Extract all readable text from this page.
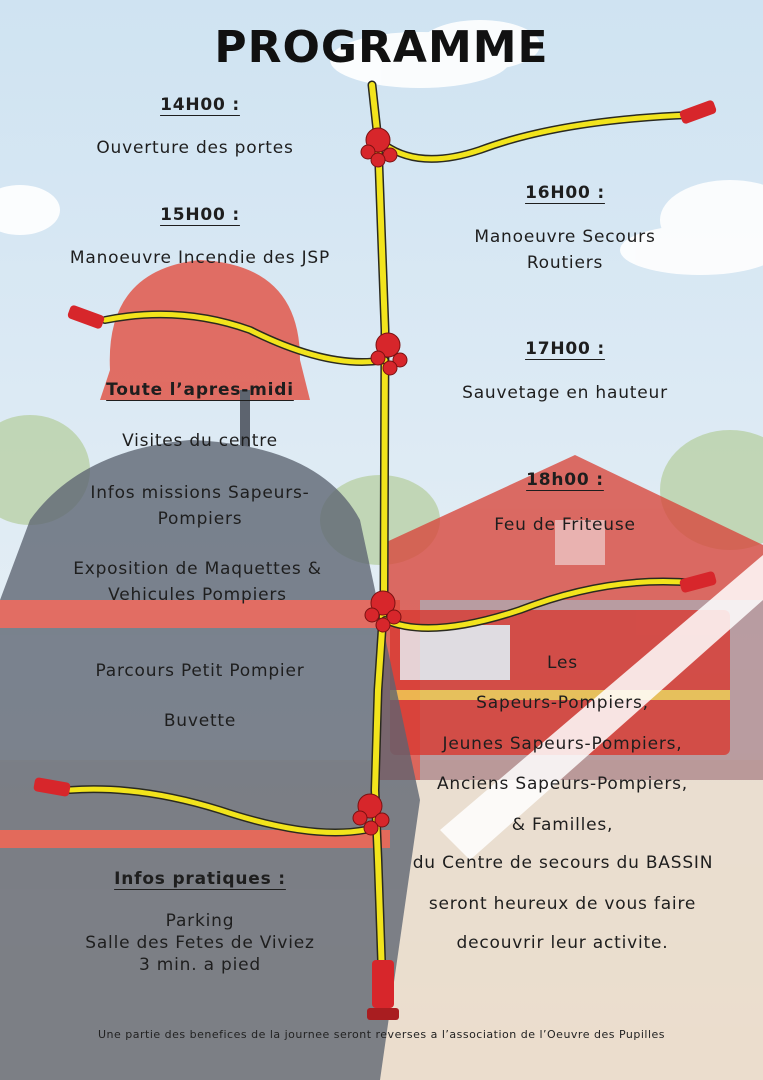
PROGRAMME
14H00 :
Ouverture des portes
15H00 :
Manoeuvre Incendie des JSP
16H00 :
Manoeuvre Secours Routiers
17H00 :
Sauvetage en hauteur
18h00 :
Feu de Friteuse
Toute l’apres-midi
Visites du centre
Infos missions Sapeurs-Pompiers
Exposition de Maquettes & Vehicules Pompiers
Parcours Petit Pompier
Buvette
Les
Sapeurs-Pompiers,
Jeunes Sapeurs-Pompiers,
Anciens Sapeurs-Pompiers,
& Familles,
du Centre de secours du BASSIN
seront heureux de vous faire
decouvrir leur activite.
Infos pratiques :
Parking
Salle des Fetes de Viviez
3 min. a pied
Une partie des benefices de la journee seront reverses a l’association de l’Oeuvre des Pupilles
